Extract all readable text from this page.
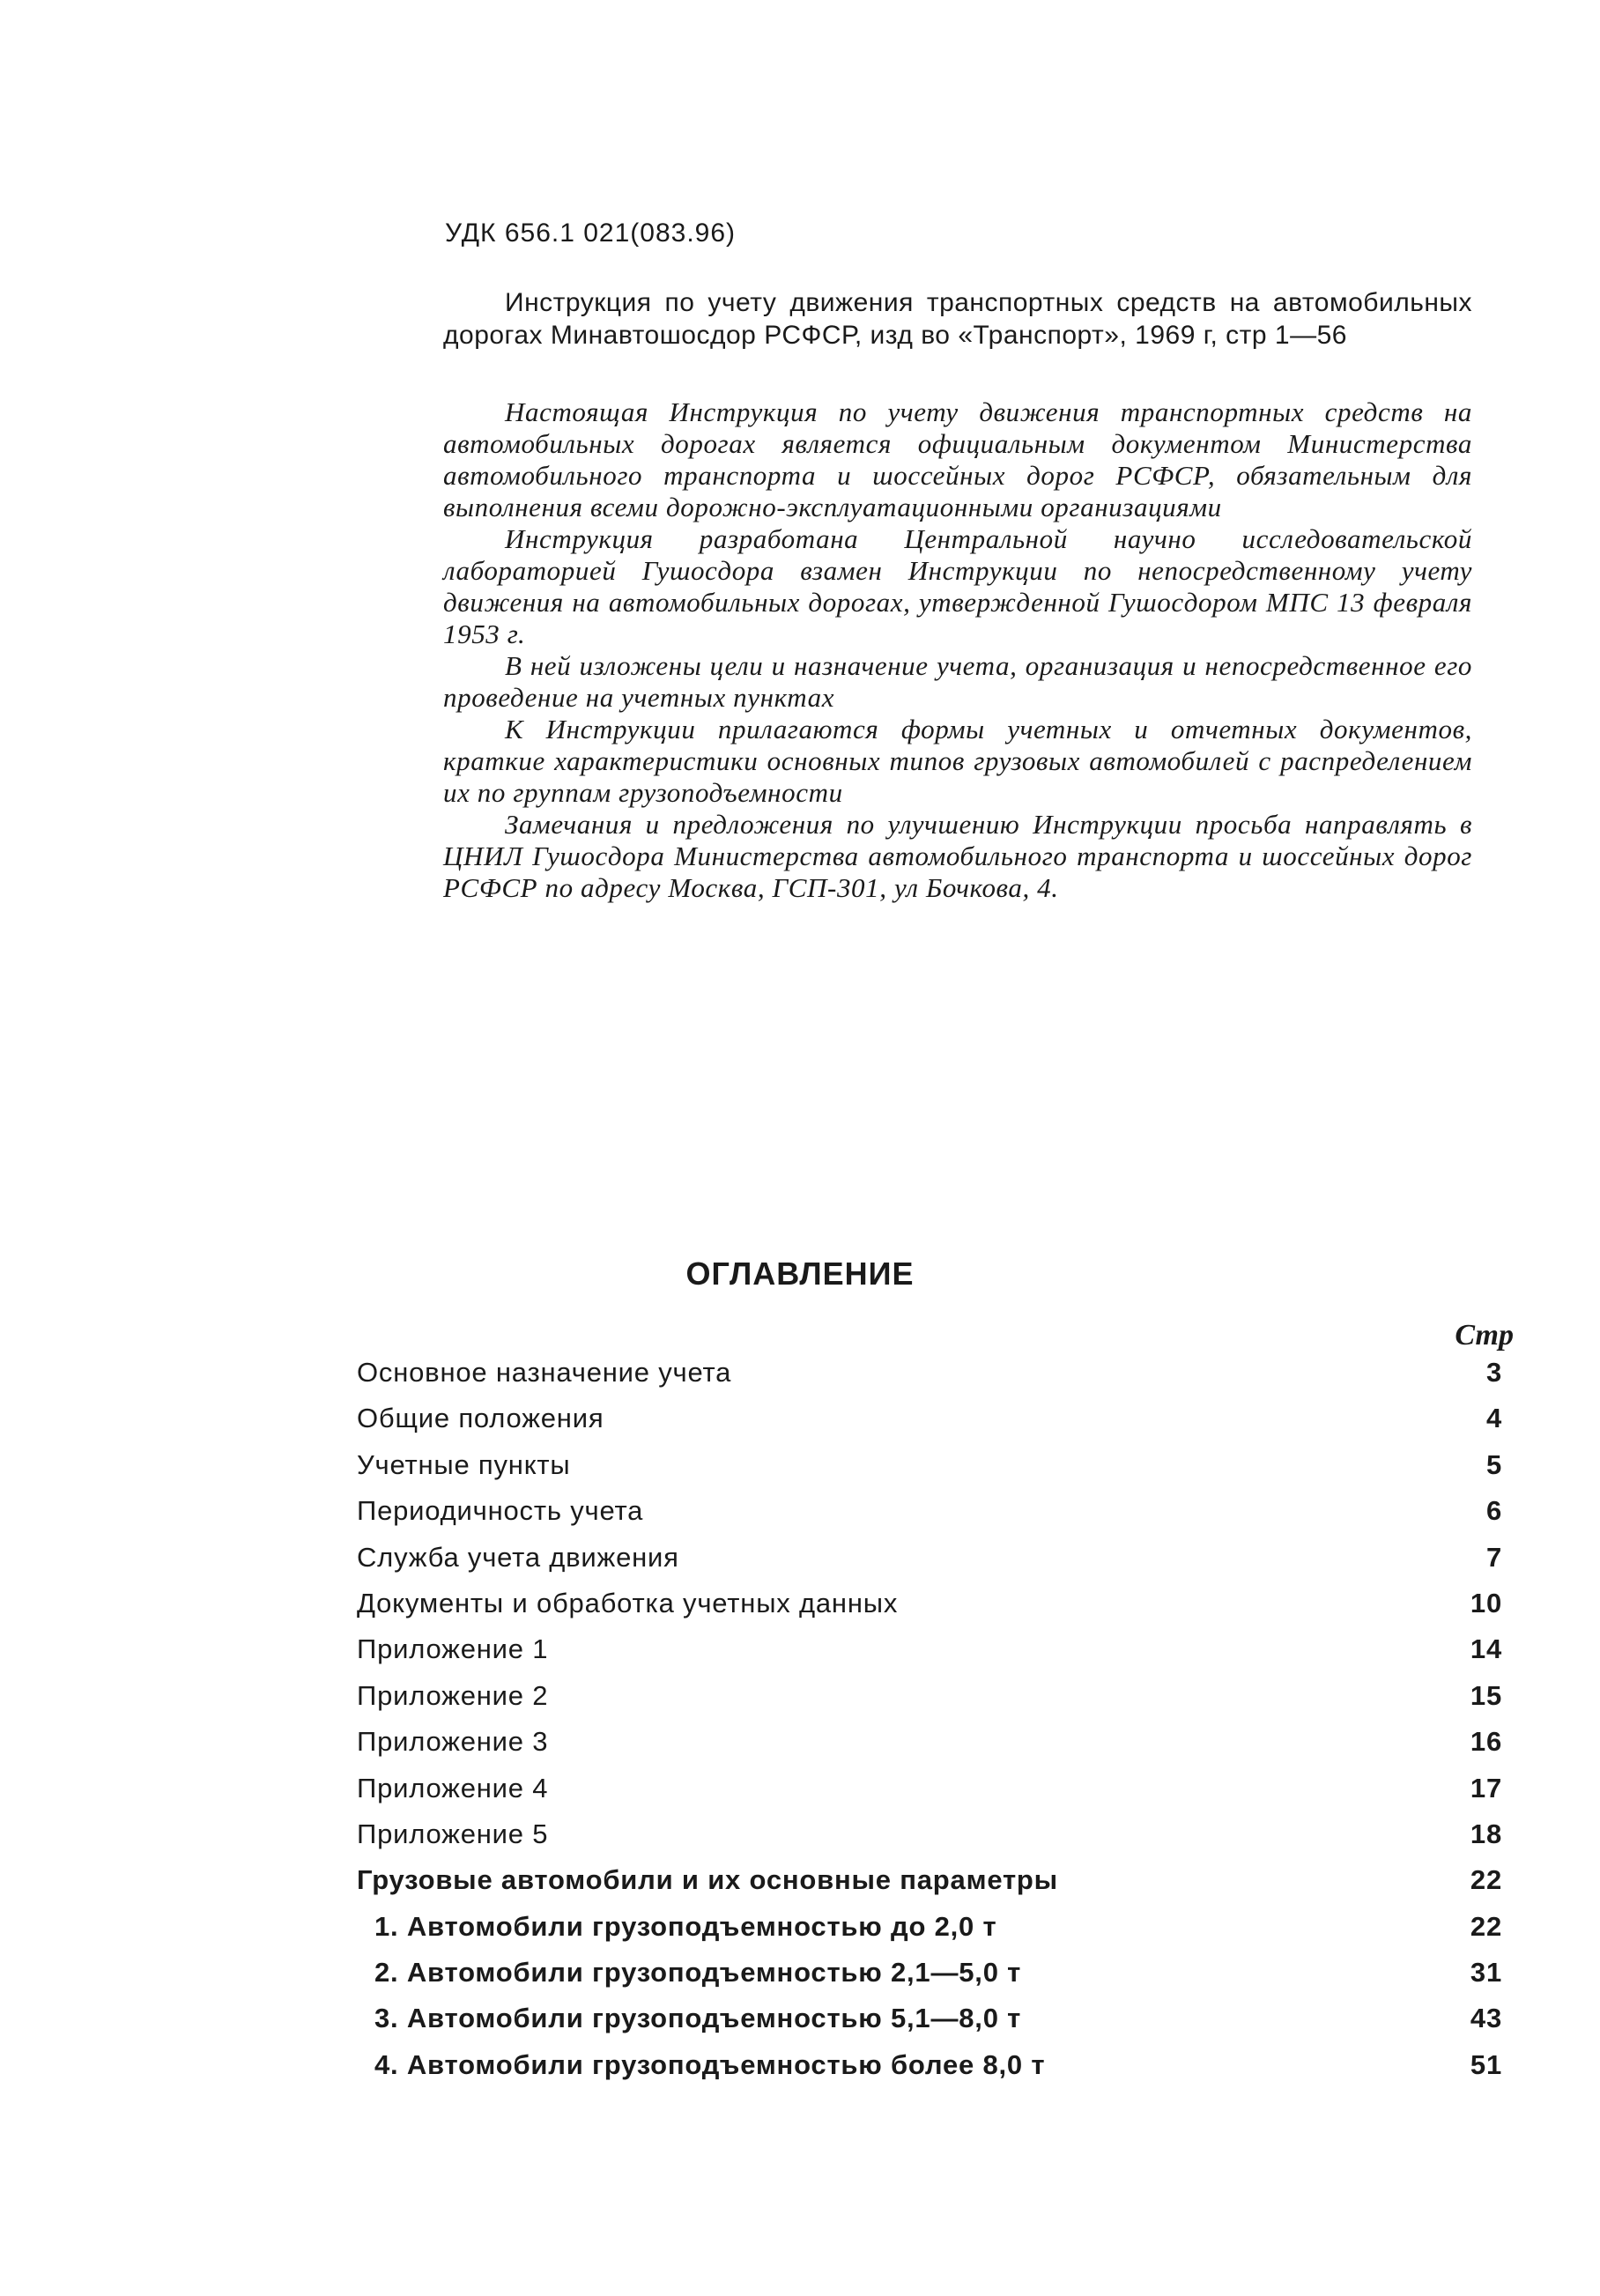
УДК 656.1 021(083.96)

Инструкция по учету движения транспортных средств на автомобильных дорогах Минавтошосдор РСФСР, изд во «Транспорт», 1969 г, стр 1—56

Настоящая Инструкция по учету движения транспортных средств на автомобильных дорогах является официальным документом Министерства автомобильного транспорта и шоссейных дорог РСФСР, обязательным для выполнения всеми дорожно-эксплуатационными организациями

Инструкция разработана Центральной научно исследовательской лабораторией Гушосдора взамен Инструкции по непосредственному учету движения на автомобильных дорогах, утвержденной Гушосдором МПС 13 февраля 1953 г.

В ней изложены цели и назначение учета, организация и непосредственное его проведение на учетных пунктах

К Инструкции прилагаются формы учетных и отчетных документов, краткие характеристики основных типов грузовых автомобилей с распределением их по группам грузоподъемности

Замечания и предложения по улучшению Инструкции просьба направлять в ЦНИЛ Гушосдора Министерства автомобильного транспорта и шоссейных дорог РСФСР по адресу Москва, ГСП-301, ул Бочкова, 4.

ОГЛАВЛЕНИЕ
Стр
Основное назначение учета	3
Общие положения	4
Учетные пункты	5
Периодичность учета	6
Служба учета движения	7
Документы и обработка учетных данных	10
Приложение 1	14
Приложение 2	15
Приложение 3	16
Приложение 4	17
Приложение 5	18
Грузовые автомобили и их основные параметры	22
1. Автомобили грузоподъемностью до 2,0 т	22
2. Автомобили грузоподъемностью 2,1—5,0 т	31
3. Автомобили грузоподъемностью 5,1—8,0 т	43
4. Автомобили грузоподъемностью более 8,0 т	51
